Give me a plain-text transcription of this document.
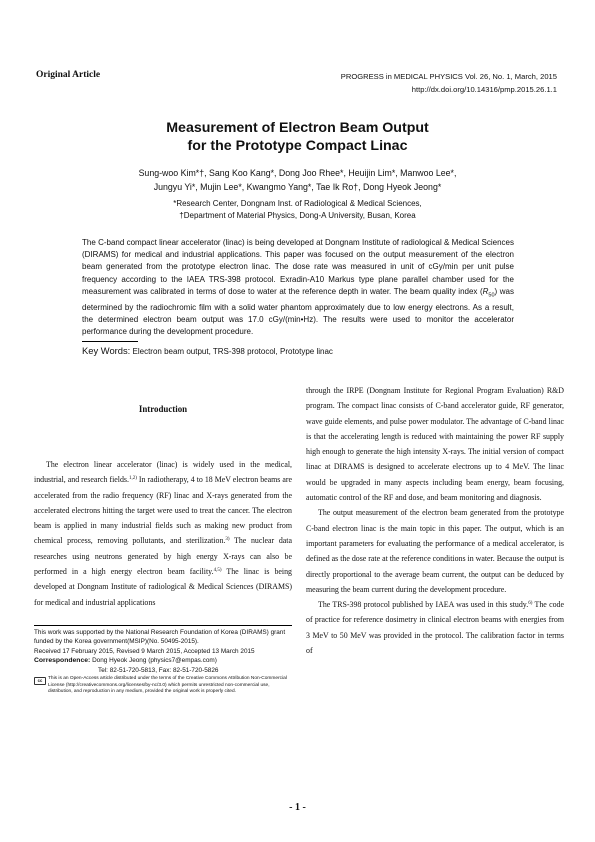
Original Article	PROGRESS in MEDICAL PHYSICS Vol. 26, No. 1, March, 2015
http://dx.doi.org/10.14316/pmp.2015.26.1.1
Measurement of Electron Beam Output
for the Prototype Compact Linac
Sung-woo Kim*†, Sang Koo Kang*, Dong Joo Rhee*, Heuijin Lim*, Manwoo Lee*,
Jungyu Yi*, Mujin Lee*, Kwangmo Yang*, Tae Ik Ro†, Dong Hyeok Jeong*
*Research Center, Dongnam Inst. of Radiological & Medical Sciences,
†Department of Material Physics, Dong-A University, Busan, Korea
The C-band compact linear accelerator (linac) is being developed at Dongnam Institute of radiological & Medical Sciences (DIRAMS) for medical and industrial applications. This paper was focused on the output measurement of the electron beam generated from the prototype electron linac. The dose rate was measured in unit of cGy/min per unit pulse frequency according to the IAEA TRS-398 protocol. Exradin-A10 Markus type plane parallel chamber used for the measurement was calibrated in terms of dose to water at the reference depth in water. The beam quality index $(R_{50})$ was determined by the radiochromic film with a solid water phantom approximately due to low energy electrons. As a result, the determined electron beam output was 17.0 cGy/(min•Hz). The results were used to monitor the accelerator performance during the development procedure.
Key Words: Electron beam output, TRS-398 protocol, Prototype linac
Introduction

The electron linear accelerator (linac) is widely used in the medical, industrial, and research fields.$^{1,2)}$ In radiotherapy, 4 to 18 MeV electron beams are accelerated from the radio frequency (RF) linac and X-rays generated from the accelerated electrons hitting the target were used to treat the cancer. The electron beam is applied in many industrial fields such as making new product from chemical process, removing pollutants, and sterilization.$^{3)}$ The nuclear data researches using neutrons generated by high energy X-rays can also be performed in a high energy electron beam facility.$^{4,5)}$ The linac is being developed at Dongnam Institute of radiological & Medical Sciences (DIRAMS) for medical and industrial applications

through the IRPE (Dongnam Institute for Regional Program Evaluation) R&D program. The compact linac consists of C-band accelerator guide, RF generator, wave guide elements, and pulse power modulator. The advantage of C-band linac is that the accelerating length is reduced with maintaining the power RF supply high enough to generate the high intensity X-rays. The initial version of compact linac at DIRAMS is designed to accelerate electrons up to 4 MeV. The linac would be upgraded in many aspects including beam energy, beam focusing, automatic control of the RF and dose, and beam monitoring and diagnosis.

The output measurement of the electron beam generated from the prototype C-band electron linac is the main topic in this paper. The output, which is an important parameters for evaluating the performance of a medical accelerator, is defined as the dose rate at the reference conditions in water. Because the output is directly proportional to the average beam current, the output can be deduced by measuring the beam current during the development procedure.

The TRS-398 protocol published by IAEA was used in this study.$^{6)}$ The code of practice for reference dosimetry in clinical electron beams with energies from 3 MeV to 50 MeV was provided in the protocol. The calibration factor in terms of

This work was supported by the National Research Foundation of Korea (DIRAMS) grant funded by the Korea government(MSIP)(No. 50495-2015).
Received 17 February 2015, Revised 9 March 2015, Accepted 13 March 2015
Correspondence: Dong Hyeok Jeong (physics7@empas.com)
Tel: 82-51-720-5813, Fax: 82-51-720-5826
cc	This is an Open-Access article distributed under the terms of the Creative Commons Attribution Non-Commercial License (http://creativecommons.org/licenses/by-nc/3.0) which permits unrestricted non-commercial use, distribution, and reproduction in any medium, provided the original work is properly cited.
- 1 -
